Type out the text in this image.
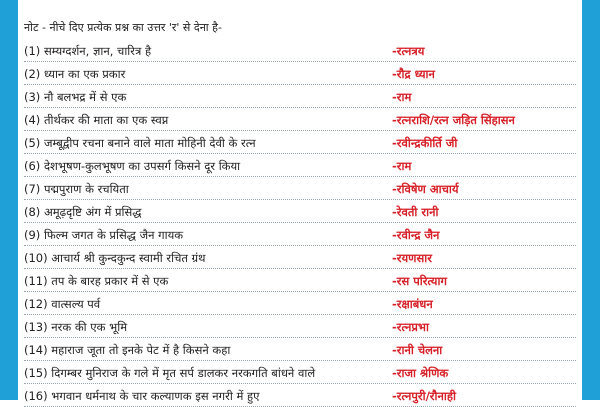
नोट - नीचे दिए प्रत्येक प्रश्न का उत्तर 'र' से देना है-
(1) सम्यग्दर्शन, ज्ञान, चारित्र है	-रत्नत्रय
(2) ध्यान का एक प्रकार	-रौद्र ध्यान
(3) नौ बलभद्र में से एक	-राम
(4) तीर्थकर की माता का एक स्वप्न	-रत्नराशि/रत्न जड़ित सिंहासन
(5) जम्बूद्वीप रचना बनाने वाले माता मोहिनी देवी के रत्न	-रवीन्द्रकीर्ति जी
(6) देशभूषण-कुलभूषण का उपसर्ग किसने दूर किया	-राम
(7) पद्मपुराण के रचयिता	-रविषेण आचार्य
(8) अमूढ़दृष्टि अंग में प्रसिद्ध	-रेवती रानी
(9) फिल्म जगत के प्रसिद्ध जैन गायक	-रवीन्द्र जैन
(10) आचार्य श्री कुन्दकुन्द स्वामी रचित ग्रंथ	-रयणसार
(11) तप के बारह प्रकार में से एक	-रस परित्याग
(12) वात्सल्य पर्व	-रक्षाबंधन
(13) नरक की एक भूमि	-रत्नप्रभा
(14) महाराज जूता तो इनके पेट में है किसने कहा	-रानी चेलना
(15) दिगम्बर मुनिराज के गले में मृत सर्प डालकर नरकगति बांधने वाले	-राजा श्रेणिक
(16) भगवान धर्मनाथ के चार कल्याणक इस नगरी में हुए	-रत्नपुरी/रौनाही
